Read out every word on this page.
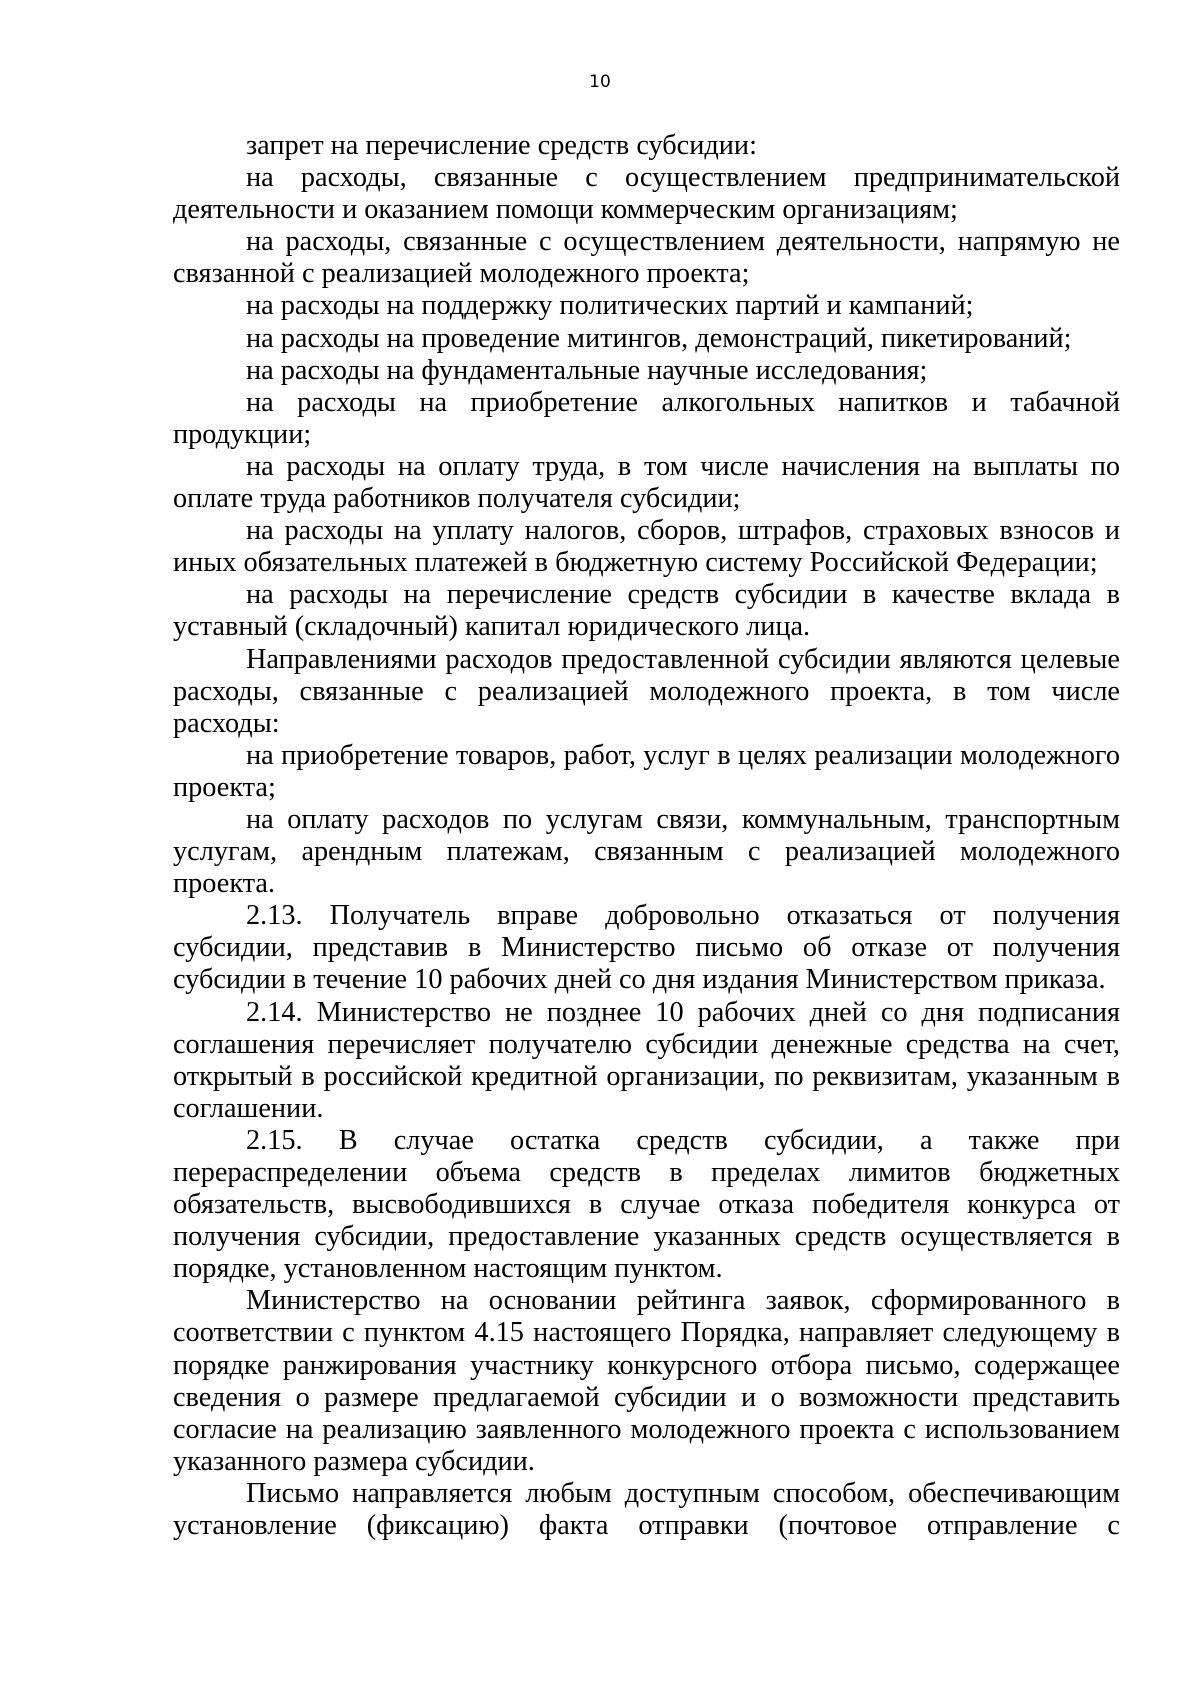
10

запрет на перечисление средств субсидии:

на расходы, связанные с осуществлением предпринимательской деятельности и оказанием помощи коммерческим организациям;

на расходы, связанные с осуществлением деятельности, напрямую не связанной с реализацией молодежного проекта;

на расходы на поддержку политических партий и кампаний;

на расходы на проведение митингов, демонстраций, пикетирований;

на расходы на фундаментальные научные исследования;

на расходы на приобретение алкогольных напитков и табачной продукции;

на расходы на оплату труда, в том числе начисления на выплаты по оплате труда работников получателя субсидии;

на расходы на уплату налогов, сборов, штрафов, страховых взносов и иных обязательных платежей в бюджетную систему Российской Федерации;

на расходы на перечисление средств субсидии в качестве вклада в уставный (складочный) капитал юридического лица.

Направлениями расходов предоставленной субсидии являются целевые расходы, связанные с реализацией молодежного проекта, в том числе расходы:

на приобретение товаров, работ, услуг в целях реализации молодежного проекта;

на оплату расходов по услугам связи, коммунальным, транспортным услугам, арендным платежам, связанным с реализацией молодежного проекта.

2.13. Получатель вправе добровольно отказаться от получения субсидии, представив в Министерство письмо об отказе от получения субсидии в течение 10 рабочих дней со дня издания Министерством приказа.

2.14. Министерство не позднее 10 рабочих дней со дня подписания соглашения перечисляет получателю субсидии денежные средства на счет, открытый в российской кредитной организации, по реквизитам, указанным в соглашении.

2.15. В случае остатка средств субсидии, а также при перераспределении объема средств в пределах лимитов бюджетных обязательств, высвободившихся в случае отказа победителя конкурса от получения субсидии, предоставление указанных средств осуществляется в порядке, установленном настоящим пунктом.

Министерство на основании рейтинга заявок, сформированного в соответствии с пунктом 4.15 настоящего Порядка, направляет следующему в порядке ранжирования участнику конкурсного отбора письмо, содержащее сведения о размере предлагаемой субсидии и о возможности представить согласие на реализацию заявленного молодежного проекта с использованием указанного размера субсидии.

Письмо направляется любым доступным способом, обеспечивающим установление (фиксацию) факта отправки (почтовое отправление с
